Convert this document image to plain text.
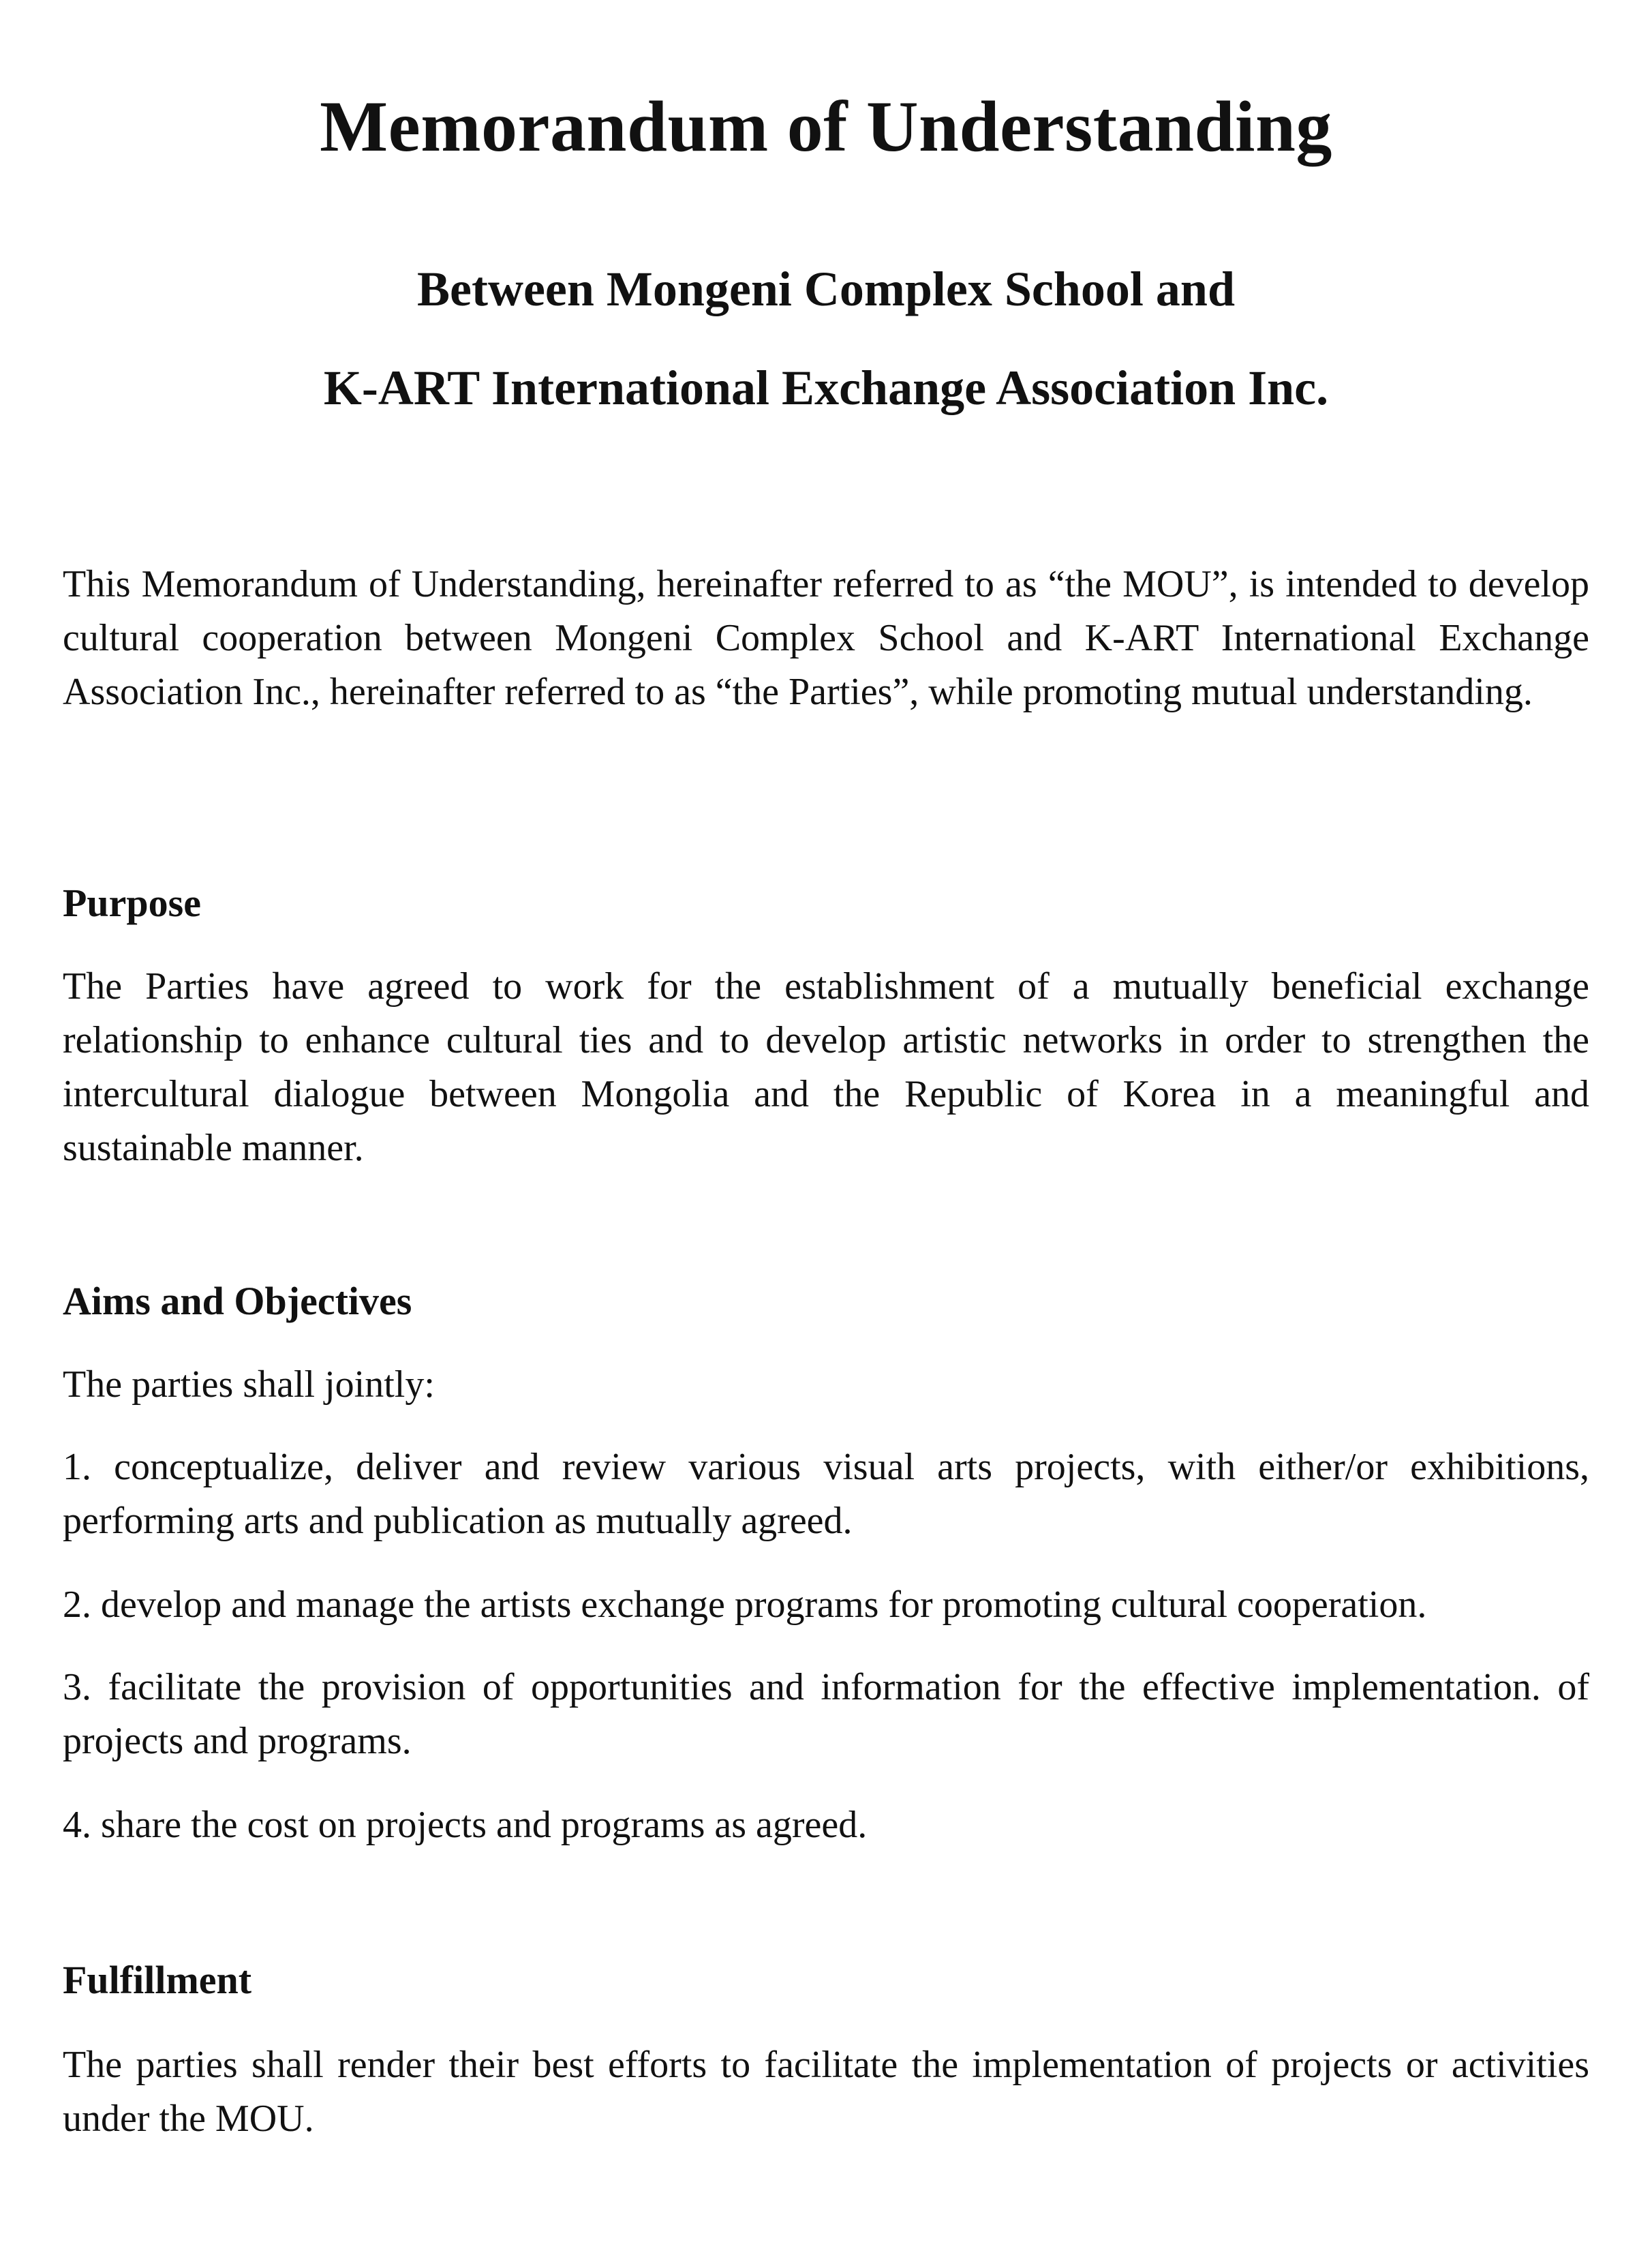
Memorandum of Understanding
Between Mongeni Complex School and
K-ART International Exchange Association Inc.

This Memorandum of Understanding, hereinafter referred to as “the MOU”, is intended to develop cultural cooperation between Mongeni Complex School and K-ART International Exchange Association Inc., hereinafter referred to as “the Parties”, while promoting mutual understanding.

Purpose

The Parties have agreed to work for the establishment of a mutually beneficial exchange relationship to enhance cultural ties and to develop artistic networks in order to strengthen the intercultural dialogue between Mongolia and the Republic of Korea in a meaningful and sustainable manner.

Aims and Objectives

The parties shall jointly:

1. conceptualize, deliver and review various visual arts projects, with either/or exhibitions, performing arts and publication as mutually agreed.

2. develop and manage the artists exchange programs for promoting cultural cooperation.

3. facilitate the provision of opportunities and information for the effective implementation. of projects and programs.

4. share the cost on projects and programs as agreed.

Fulfillment

The parties shall render their best efforts to facilitate the implementation of projects or activities under the MOU.
